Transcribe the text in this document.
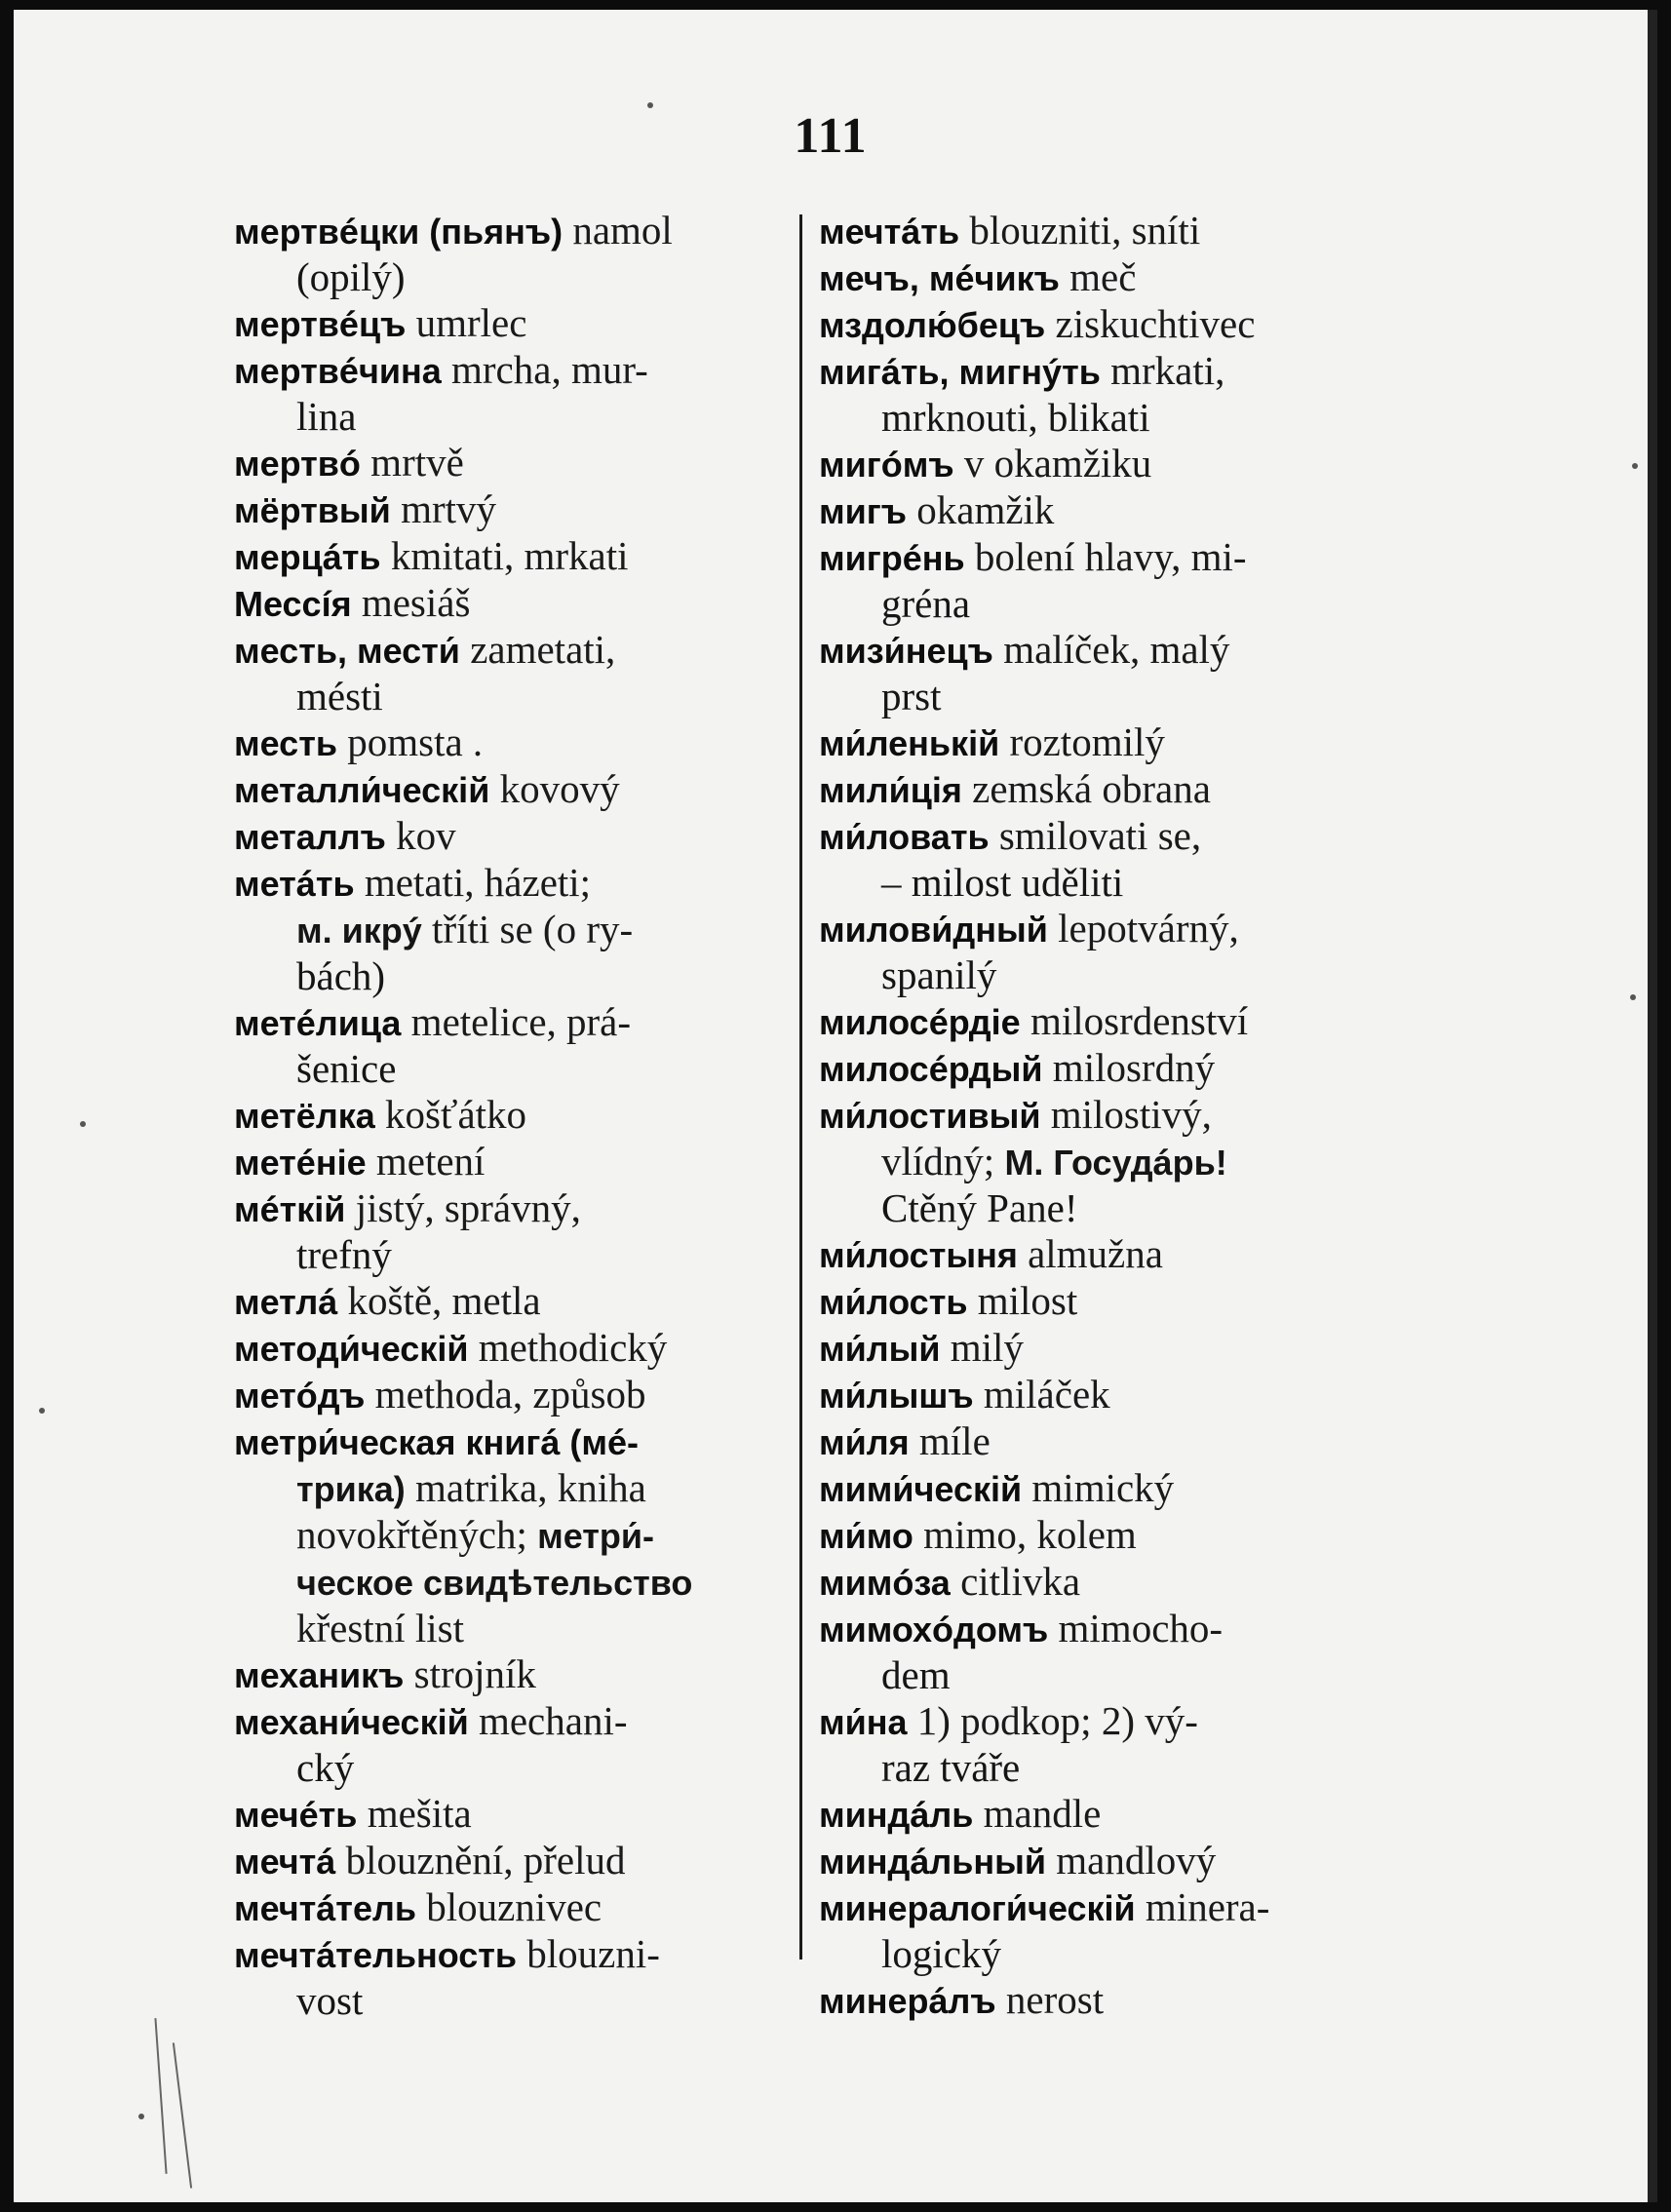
111

мертвéцки (пьянъ) namol
(opilý)

мертвéцъ umrlec

мертвéчина mrcha, mur-
lina

мертвó mrtvě

мёртвый mrtvý

мерцáть kmitati, mrkati

Мессíя mesiáš

месть, мести́ zametati,
mésti

месть pomsta .

металли́ческiй kovový

металлъ kov

метáть metati, házeti;
м. икрý tříti se (o ry-
bách)

метéлица metelice, prá-
šenice

метёлка košťátko

метéнiе metení

мéткiй jistý, správný,
trefný

метлá koště, metla

методи́ческiй methodický

метóдъ methoda, způsob

метри́ческая книгá (мé-
трика) matrika, kniha
novokřtěných; метри́-
ческое свидѣтельство
křestní list

механикъ strojník

механи́ческiй mechani-
cký

мечéть mešita

мечтá blouznění, přelud

мечтáтель blouznivec

мечтáтельность blouzni-
vost

мечтáть blouzniti, sníti

мечъ, мéчикъ meč

мздолю́бецъ ziskuchtivec

мигáть, мигнýть mrkati,
mrknouti, blikati

мигóмъ v okamžiku

мигъ okamžik

мигрéнь bolení hlavy, mi-
gréna

мизи́нецъ malíček, malý
prst

ми́ленькiй roztomilý

мили́цiя zemská obrana

ми́ловать smilovati se,
– milost uděliti

милови́дный lepotvárný,
spanilý

милосéрдiе milosrdenství

милосéрдый milosrdný

ми́лостивый milostivý,
vlídný; М. Госудáрь!
Ctěný Pane!

ми́лостыня almužna

ми́лость milost

ми́лый milý

ми́лышъ miláček

ми́ля míle

мими́ческiй mimický

ми́мо mimo, kolem

мимóза citlivka

мимохóдомъ mimocho-
dem

ми́на 1) podkop; 2) vý-
raz tváře

миндáль mandle

миндáльный mandlový

минералоги́ческiй minera-
logický

минерáлъ nerost
